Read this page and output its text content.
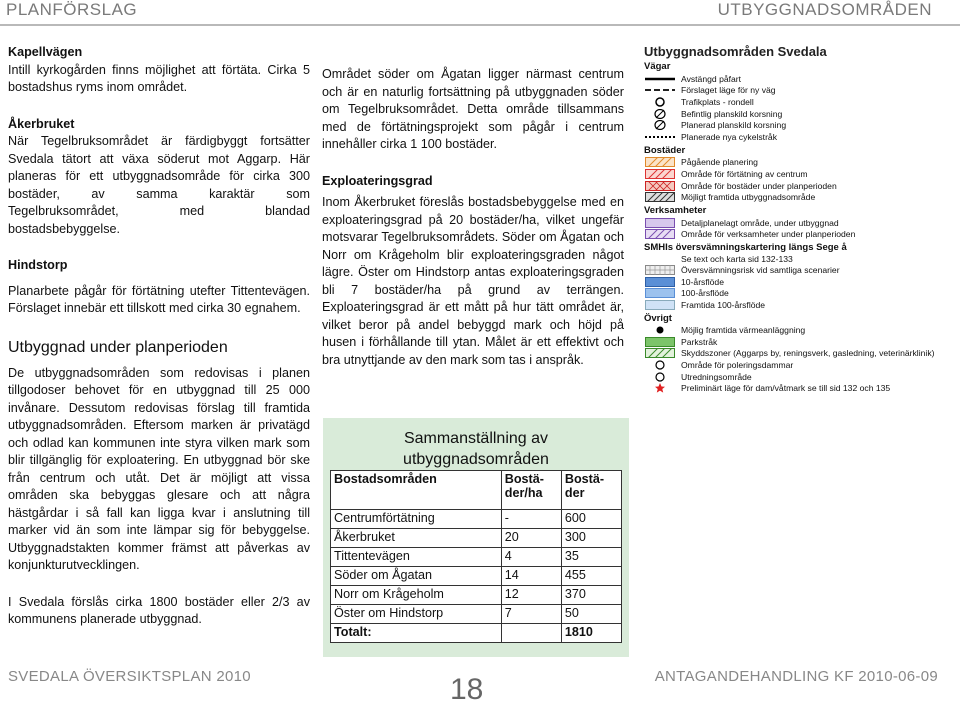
PLANFÖRSLAG	UTBYGGNADSOMRÅDEN

Kapellvägen

Intill kyrkogården finns möjlighet att förtäta. Cirka 5 bostadshus ryms inom området.

Åkerbruket

När Tegelbruksområdet är färdigbyggt fortsätter Svedala tätort att växa söderut mot Aggarp. Här planeras för ett utbyggnadsområde för cirka 300 bostäder, av samma karaktär som Tegelbruksområdet, med blandad bostadsbebyggelse.

Hindstorp

Planarbete pågår för förtätning utefter Tittentevägen. Förslaget innebär ett tillskott med cirka 30 egnahem.

Utbyggnad under planperioden

De utbyggnadsområden som redovisas i planen tillgodoser behovet för en utbyggnad till 25 000 invånare. Dessutom redovisas förslag till framtida utbyggnadsområden. Eftersom marken är privatägd och odlad kan kommunen inte styra vilken mark som blir tillgänglig för exploatering. En utbyggnad bör ske från centrum och utåt. Det är möjligt att vissa områden ska bebyggas glesare och att några hästgårdar i så fall kan ligga kvar i anslutning till marker vid än som inte lämpar sig för bebyggelse. Utbyggnadstakten kommer främst att påverkas av konjunkturutvecklingen.

I Svedala förslås cirka 1800 bostäder eller 2/3 av kommunens planerade utbyggnad.

Området söder om Ågatan ligger närmast centrum och är en naturlig fortsättning på utbyggnaden söder om Tegelbruksområdet. Detta område tillsammans med de förtätningsprojekt som pågår i centrum innehåller cirka 1 100 bostäder.

Exploateringsgrad

Inom Åkerbruket föreslås bostadsbebyggelse med en exploateringsgrad på 20 bostäder/ha, vilket ungefär motsvarar Tegelbruksområdets. Söder om Ågatan och Norr om Krågeholm blir exploateringsgraden något lägre. Öster om Hindstorp antas exploateringsgraden bli 7 bostäder/ha på grund av terrängen. Exploateringsgrad är ett mått på hur tätt området är, vilket beror på andel bebyggd mark och höjd på husen i förhållande till ytan. Målet är ett effektivt och bra utnyttjande av den mark som tas i anspråk.

Sammanställning av
utbyggnadsområden
Bostadsområden	Bostä-der/ha	Bostä-der
Centrumförtätning	-	600
Åkerbruket	20	300
Tittentevägen	4	35
Söder om Ågatan	14	455
Norr om Krågeholm	12	370
Öster om Hindstorp	7	50
Totalt:		1810
Utbyggnadsområden Svedala
Vägar
Avstängd påfart
Förslaget läge för ny väg
Trafikplats - rondell
Befintlig planskild korsning
Planerad planskild korsning
Planerade nya cykelstråk
Bostäder
Pågående planering
Område för förtätning av centrum
Område för bostäder under planperioden
Möjligt framtida utbyggnadsområde
Verksamheter
Detaljplanelagt område, under utbyggnad
Område för verksamheter under planperioden
SMHIs översvämningskartering längs Sege å
Se text och karta sid 132-133
Översvämningsrisk vid samtliga scenarier
10-årsflöde
100-årsflöde
Framtida 100-årsflöde
Övrigt
Möjlig framtida värmeanläggning
Parkstråk
Skyddszoner (Aggarps by, reningsverk, gasledning, veterinärklinik)
Område för poleringsdammar
Utredningsområde
Preliminärt läge för dam/våtmark se till sid 132 och 135
SVEDALA ÖVERSIKTSPLAN 2010	18	ANTAGANDEHANDLING KF 2010-06-09
